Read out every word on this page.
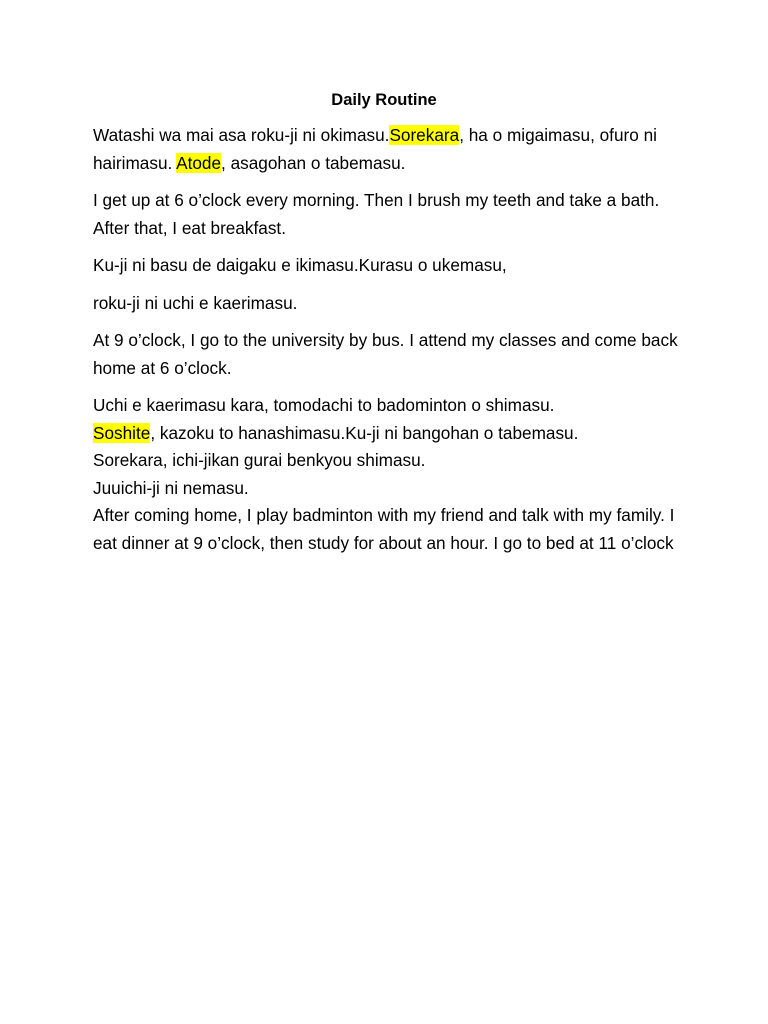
Daily Routine

Watashi wa mai asa roku-ji ni okimasu.Sorekara, ha o migaimasu, ofuro ni hairimasu. Atode, asagohan o tabemasu.

I get up at 6 o’clock every morning. Then I brush my teeth and take a bath. After that, I eat breakfast.

Ku-ji ni basu de daigaku e ikimasu.Kurasu o ukemasu,

roku-ji ni uchi e kaerimasu.

At 9 o’clock, I go to the university by bus. I attend my classes and come back home at 6 o’clock.

Uchi e kaerimasu kara, tomodachi to badominton o shimasu.
Soshite, kazoku to hanashimasu.Ku-ji ni bangohan o tabemasu.
Sorekara, ichi-jikan gurai benkyou shimasu.
Juuichi-ji ni nemasu.
After coming home, I play badminton with my friend and talk with my family. I eat dinner at 9 o’clock, then study for about an hour. I go to bed at 11 o’clock
